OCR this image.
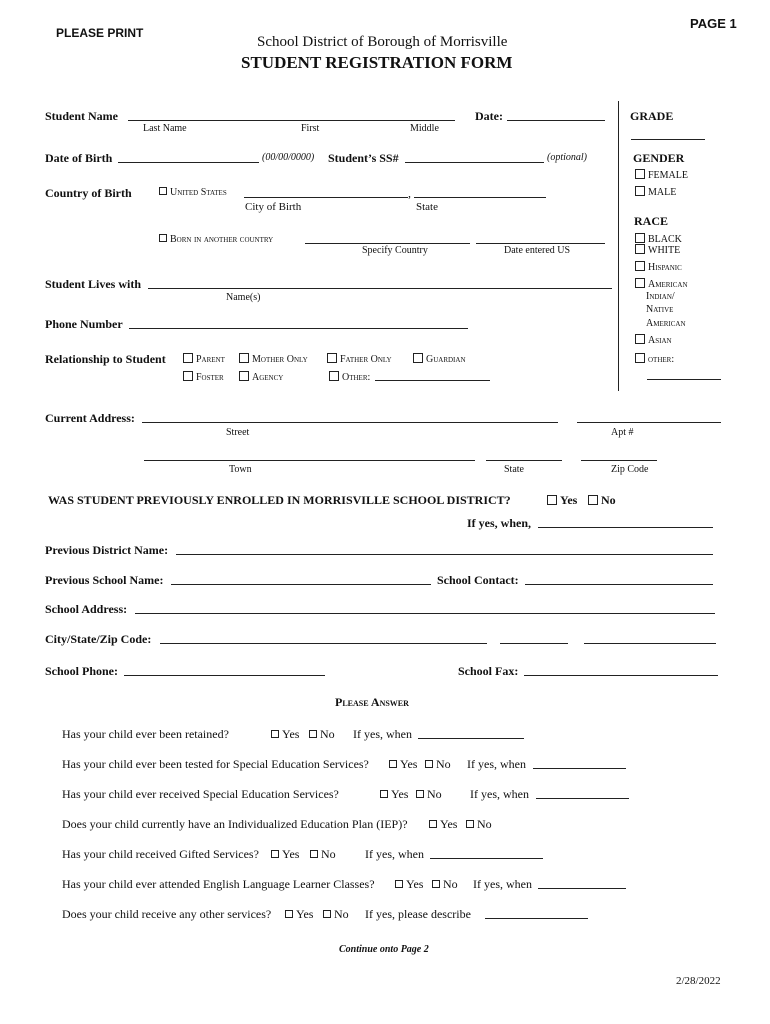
PLEASE PRINT
PAGE 1
School District of Borough of Morrisville
STUDENT REGISTRATION FORM
Student Name	Date:
Last Name	First	Middle
GRADE
Date of Birth	(00/00/0000) Student’s SS#	(optional)	GENDER
FEMALE
MALE
Country of Birth	United States	,
City of Birth	State
RACE
BLACK
WHITE
Hispanic
American
Indian/
Native
American
Asian
other:
Born in another country
Specify Country	Date entered US
Student Lives with
Name(s)
Phone Number
Relationship to Student	Parent	Mother Only	Father Only	Guardian
Foster	Agency	Other:
Current Address:
Street	Apt #
Town	State	Zip Code
WAS STUDENT PREVIOUSLY ENROLLED IN MORRISVILLE SCHOOL DISTRICT?	Yes	No
If yes, when,
Previous District Name:
Previous School Name:	School Contact:
School Address:
City/State/Zip Code:
School Phone:	School Fax:
Please Answer
Has your child ever been retained?	Yes	No If yes, when
Has your child ever been tested for Special Education Services?	Yes	No If yes, when
Has your child ever received Special Education Services?	Yes	No If yes, when
Does your child currently have an Individualized Education Plan (IEP)?	Yes	No
Has your child received Gifted Services?	Yes	No If yes, when
Has your child ever attended English Language Learner Classes?	Yes	No If yes, when
Does your child receive any other services?	Yes	No If yes, please describe
Continue onto Page 2
2/28/2022
